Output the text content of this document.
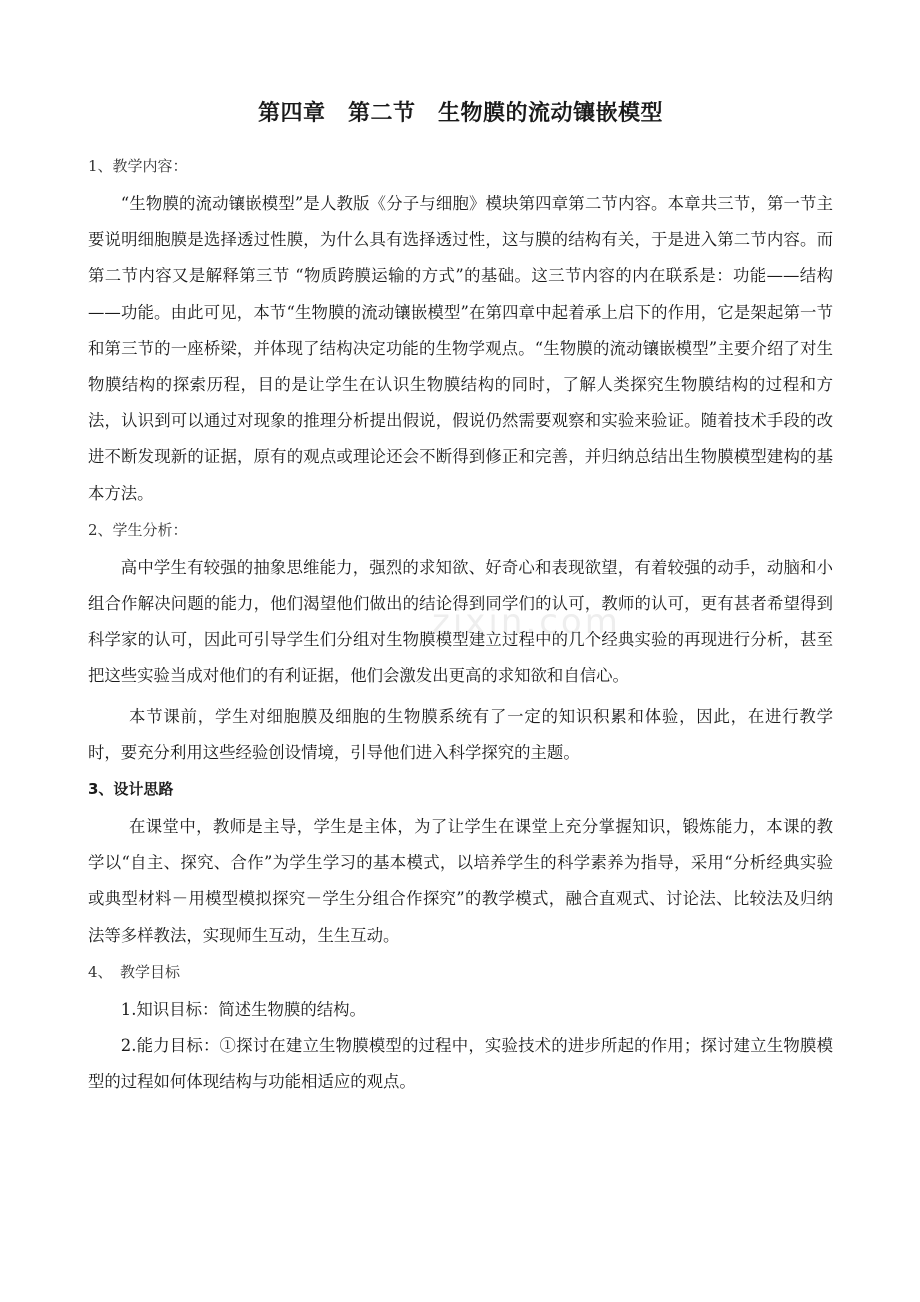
zixin.com
第四章　第二节　生物膜的流动镶嵌模型

1、教学内容：

“生物膜的流动镶嵌模型”是人教版《分子与细胞》模块第四章第二节内容。本章共三节，第一节主要说明细胞膜是选择透过性膜，为什么具有选择透过性，这与膜的结构有关，于是进入第二节内容。而第二节内容又是解释第三节 “物质跨膜运输的方式”的基础。这三节内容的内在联系是：功能——结构——功能。由此可见，本节“生物膜的流动镶嵌模型”在第四章中起着承上启下的作用，它是架起第一节和第三节的一座桥梁，并体现了结构决定功能的生物学观点。“生物膜的流动镶嵌模型”主要介绍了对生物膜结构的探索历程，目的是让学生在认识生物膜结构的同时，了解人类探究生物膜结构的过程和方法，认识到可以通过对现象的推理分析提出假说，假说仍然需要观察和实验来验证。随着技术手段的改进不断发现新的证据，原有的观点或理论还会不断得到修正和完善，并归纳总结出生物膜模型建构的基本方法。

2、学生分析：

高中学生有较强的抽象思维能力，强烈的求知欲、好奇心和表现欲望，有着较强的动手，动脑和小组合作解决问题的能力，他们渴望他们做出的结论得到同学们的认可，教师的认可，更有甚者希望得到科学家的认可，因此可引导学生们分组对生物膜模型建立过程中的几个经典实验的再现进行分析，甚至把这些实验当成对他们的有利证据，他们会激发出更高的求知欲和自信心。

本节课前，学生对细胞膜及细胞的生物膜系统有了一定的知识积累和体验，因此，在进行教学时，要充分利用这些经验创设情境，引导他们进入科学探究的主题。

3、设计思路

在课堂中，教师是主导，学生是主体，为了让学生在课堂上充分掌握知识，锻炼能力，本课的教学以“自主、探究、合作”为学生学习的基本模式，以培养学生的科学素养为指导，采用“分析经典实验或典型材料－用模型模拟探究－学生分组合作探究”的教学模式，融合直观式、讨论法、比较法及归纳法等多样教法，实现师生互动，生生互动。

4、　教学目标

1.知识目标：简述生物膜的结构。

2.能力目标：①探讨在建立生物膜模型的过程中，实验技术的进步所起的作用；探讨建立生物膜模型的过程如何体现结构与功能相适应的观点。
